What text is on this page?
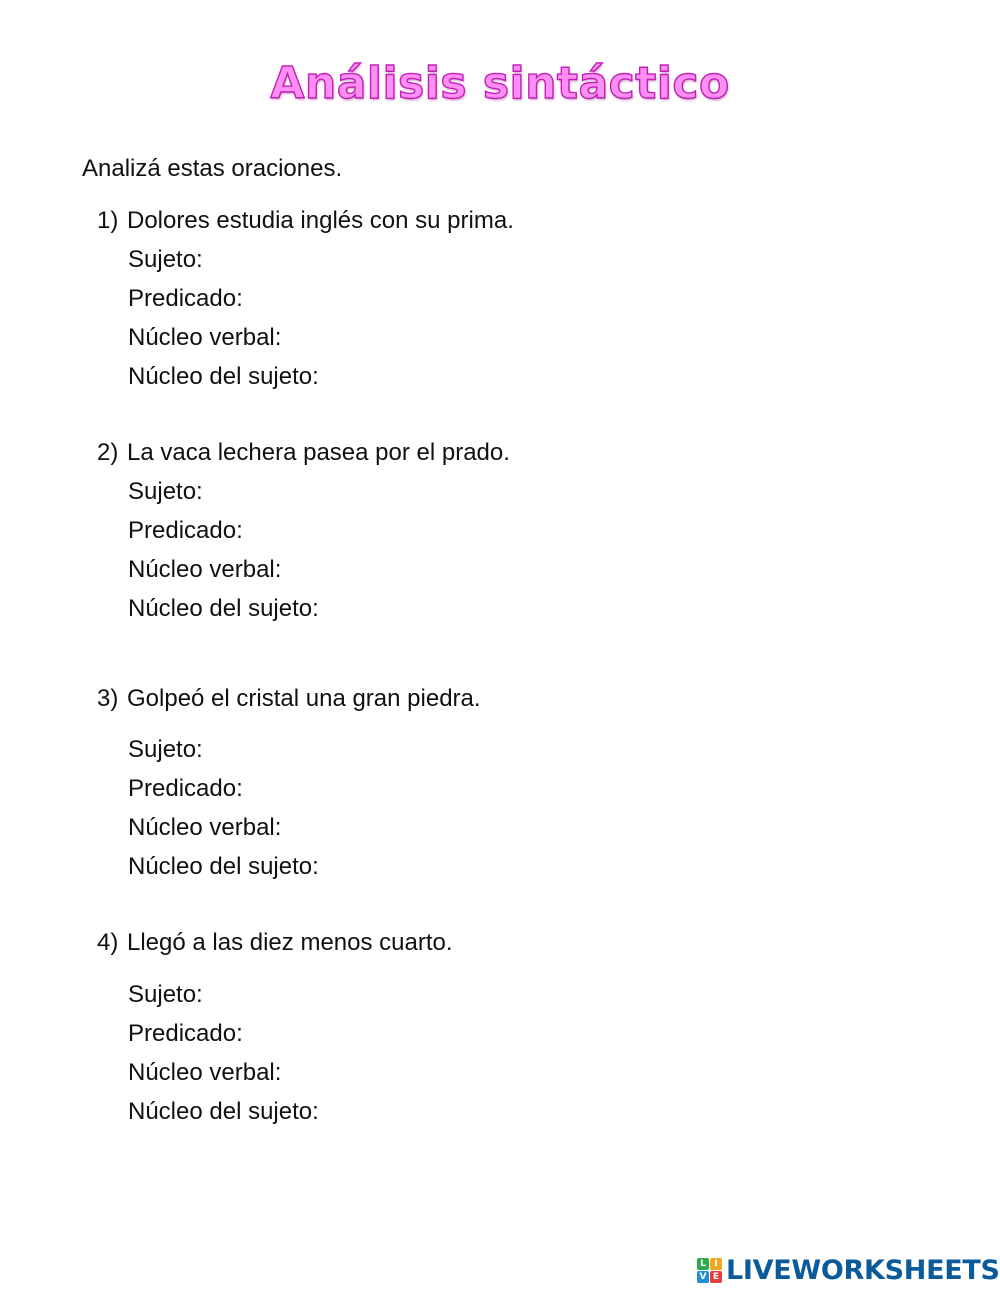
Análisis sintáctico
Analizá estas oraciones.
1) Dolores estudia inglés con su prima.
Sujeto:
Predicado:
Núcleo verbal:
Núcleo del sujeto:
2) La vaca lechera pasea por el prado.
Sujeto:
Predicado:
Núcleo verbal:
Núcleo del sujeto:
3) Golpeó el cristal una gran piedra.
Sujeto:
Predicado:
Núcleo verbal:
Núcleo del sujeto:
4) Llegó a las diez menos cuarto.
Sujeto:
Predicado:
Núcleo verbal:
Núcleo del sujeto:
L I
V E LIVEWORKSHEETS
